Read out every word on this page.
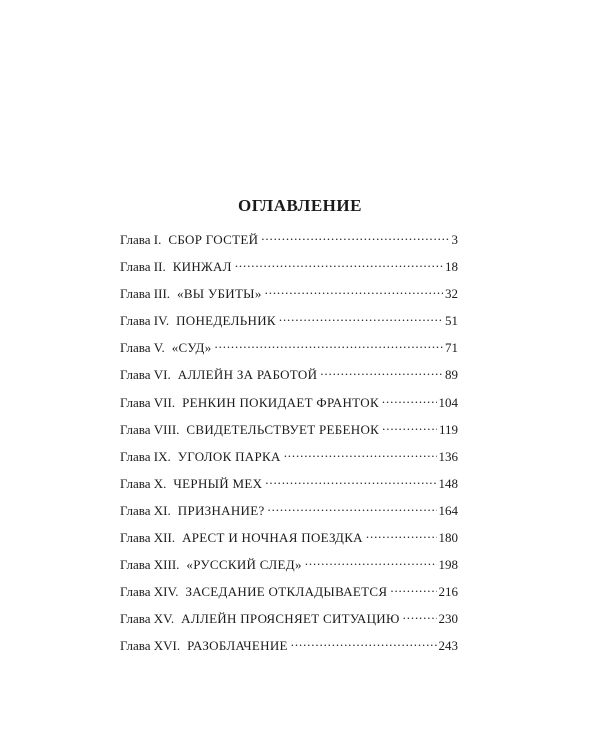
ОГЛАВЛЕНИЕ
Глава I. СБОР ГОСТЕЙ . . .	3
Глава II. КИНЖАЛ . . .	18
Глава III. «ВЫ УБИТЫ» . . .	32
Глава IV. ПОНЕДЕЛЬНИК . . .	51
Глава V. «СУД» . . .	71
Глава VI. АЛЛЕЙН ЗА РАБОТОЙ . . .	89
Глава VII. РЕНКИН ПОКИДАЕТ ФРАНТОК . . .	104
Глава VIII. СВИДЕТЕЛЬСТВУЕТ РЕБЕНОК . . .	119
Глава IX. УГОЛОК ПАРКА . . .	136
Глава X. ЧЕРНЫЙ МЕХ . . .	148
Глава XI. ПРИЗНАНИЕ? . . .	164
Глава XII. АРЕСТ И НОЧНАЯ ПОЕЗДКА . . .	180
Глава XIII. «РУССКИЙ СЛЕД» . . .	198
Глава XIV. ЗАСЕДАНИЕ ОТКЛАДЫВАЕТСЯ . . .	216
Глава XV. АЛЛЕЙН ПРОЯСНЯЕТ СИТУАЦИЮ . . .	230
Глава XVI. РАЗОБЛАЧЕНИЕ . . .	243
